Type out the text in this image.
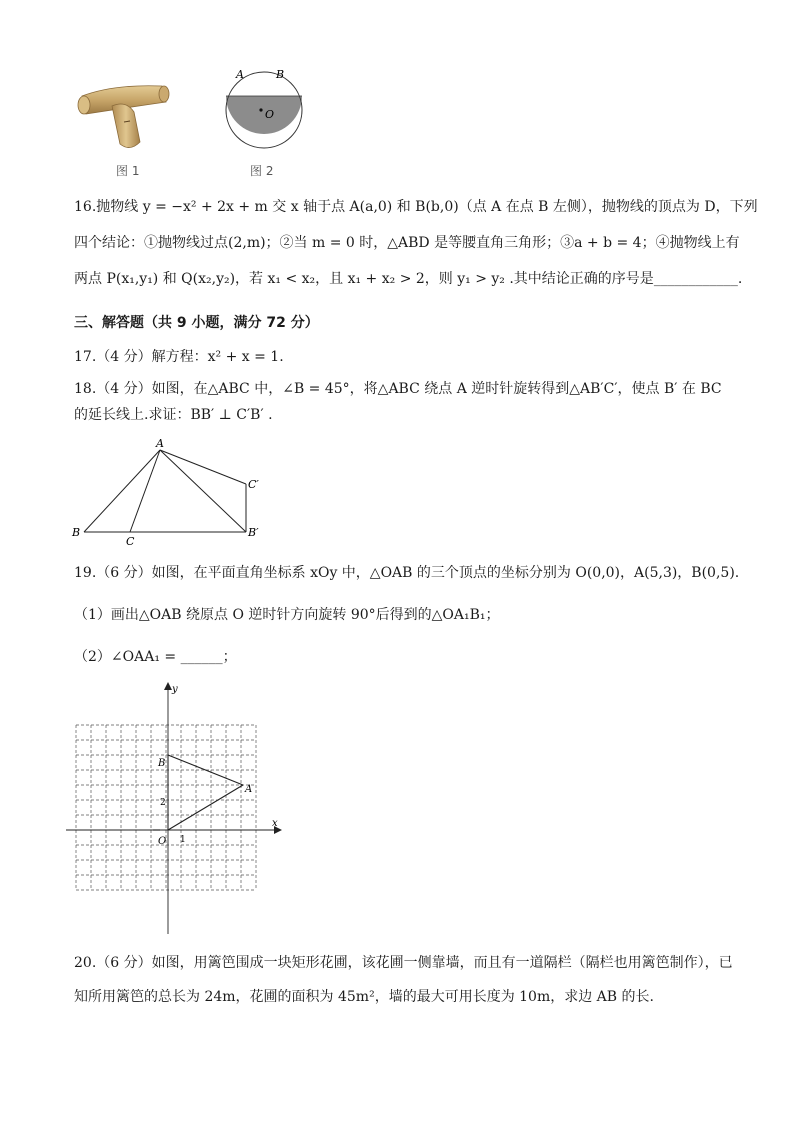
图 1
O
A	B
图 2
16.抛物线 y = −x² + 2x + m 交 x 轴于点 A(a,0) 和 B(b,0)（点 A 在点 B 左侧），抛物线的顶点为 D，下列
四个结论：①抛物线过点(2,m)；②当 m = 0 时，△ABD 是等腰直角三角形；③a + b = 4；④抛物线上有
两点 P(x₁,y₁) 和 Q(x₂,y₂)，若 x₁ < x₂，且 x₁ + x₂ > 2，则 y₁ > y₂ .其中结论正确的序号是____________.
三、解答题（共 9 小题，满分 72 分）
17.（4 分）解方程：x² + x = 1.
18.（4 分）如图，在△ABC 中，∠B = 45°，将△ABC 绕点 A 逆时针旋转得到△AB′C′，使点 B′ 在 BC
的延长线上.求证：BB′ ⊥ C′B′ .
A
B
C
C′
B′
19.（6 分）如图，在平面直角坐标系 xOy 中，△OAB 的三个顶点的坐标分别为 O(0,0)，A(5,3)，B(0,5).
（1）画出△OAB 绕原点 O 逆时针方向旋转 90°后得到的△OA₁B₁；
（2）∠OAA₁ = ______；
y
x
O
A
B
2
1
20.（6 分）如图，用篱笆围成一块矩形花圃，该花圃一侧靠墙，而且有一道隔栏（隔栏也用篱笆制作），已
知所用篱笆的总长为 24m，花圃的面积为 45m²，墙的最大可用长度为 10m，求边 AB 的长.
